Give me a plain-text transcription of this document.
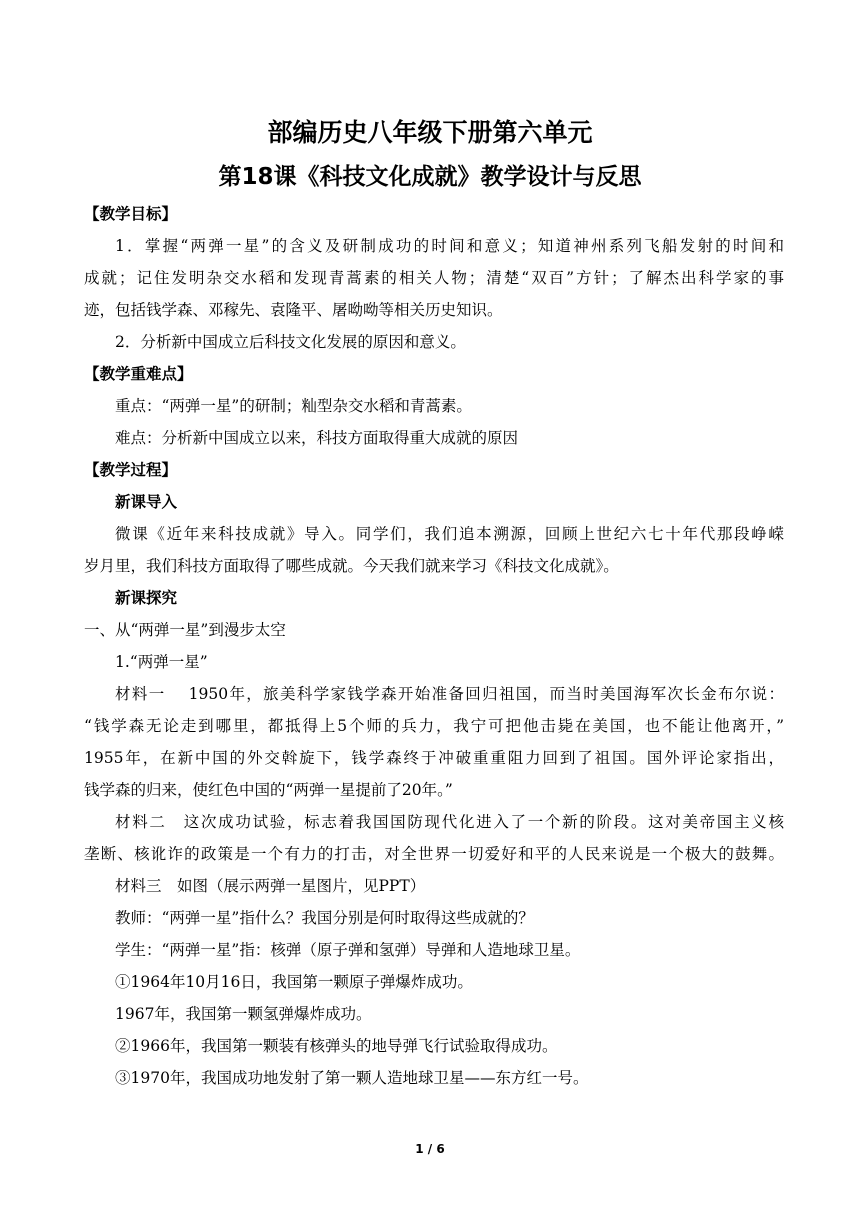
部编历史八年级下册第六单元
第18课《科技文化成就》教学设计与反思
【教学目标】
1．掌握“两弹一星”的含义及研制成功的时间和意义；知道神州系列飞船发射的时间和
成就；记住发明杂交水稻和发现青蒿素的相关人物；清楚“双百”方针；了解杰出科学家的事
迹，包括钱学森、邓稼先、袁隆平、屠呦呦等相关历史知识。
2．分析新中国成立后科技文化发展的原因和意义。
【教学重难点】
重点：“两弹一星”的研制；籼型杂交水稻和青蒿素。
难点：分析新中国成立以来，科技方面取得重大成就的原因
【教学过程】
新课导入
微课《近年来科技成就》导入。同学们，我们追本溯源，回顾上世纪六七十年代那段峥嵘
岁月里，我们科技方面取得了哪些成就。今天我们就来学习《科技文化成就》。
新课探究
一、从“两弹一星”到漫步太空
1.“两弹一星”
材料一　 1950年，旅美科学家钱学森开始准备回归祖国，而当时美国海军次长金布尔说：
“钱学森无论走到哪里，都抵得上5个师的兵力，我宁可把他击毙在美国，也不能让他离开，”
1955年，在新中国的外交斡旋下，钱学森终于冲破重重阻力回到了祖国。国外评论家指出，
钱学森的归来，使红色中国的“两弹一星提前了20年。”
材料二　这次成功试验，标志着我国国防现代化进入了一个新的阶段。这对美帝国主义核
垄断、核讹诈的政策是一个有力的打击，对全世界一切爱好和平的人民来说是一个极大的鼓舞。
材料三　如图（展示两弹一星图片，见PPT）
教师：“两弹一星”指什么？我国分别是何时取得这些成就的？
学生：“两弹一星”指：核弹（原子弹和氢弹）导弹和人造地球卫星。
①1964年10月16日，我国第一颗原子弹爆炸成功。
1967年，我国第一颗氢弹爆炸成功。
②1966年，我国第一颗装有核弹头的地导弹飞行试验取得成功。
③1970年，我国成功地发射了第一颗人造地球卫星——东方红一号。
1 / 6
